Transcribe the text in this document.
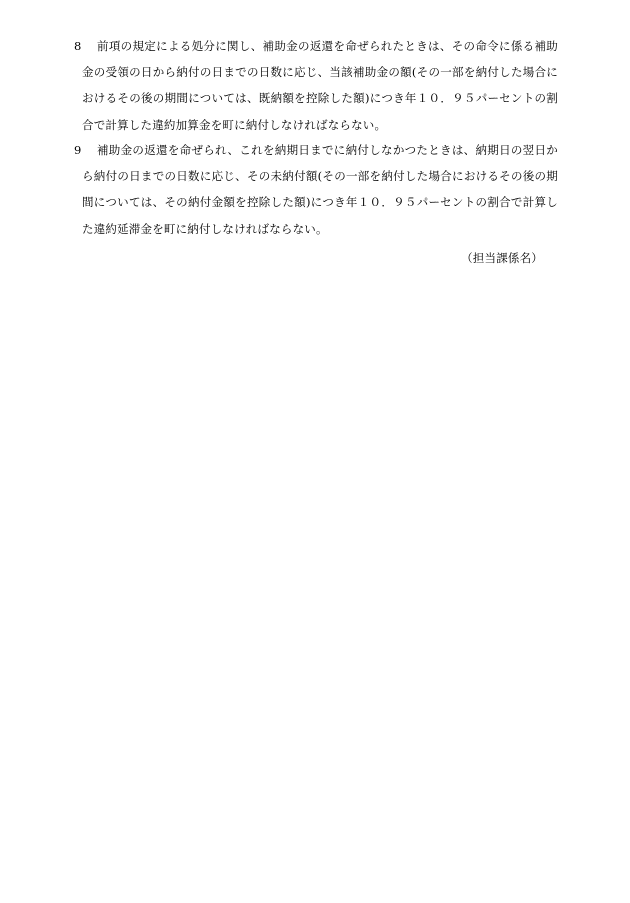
8	前項の規定による処分に関し、補助金の返還を命ぜられたときは、その命令に係る補助金の受領の日から納付の日までの日数に応じ、当該補助金の額(その一部を納付した場合におけるその後の期間については、既納額を控除した額)につき年１０．９５パーセントの割合で計算した違約加算金を町に納付しなければならない。
9	補助金の返還を命ぜられ、これを納期日までに納付しなかつたときは、納期日の翌日から納付の日までの日数に応じ、その未納付額(その一部を納付した場合におけるその後の期間については、その納付金額を控除した額)につき年１０．９５パーセントの割合で計算した違約延滞金を町に納付しなければならない。
（担当課係名）
